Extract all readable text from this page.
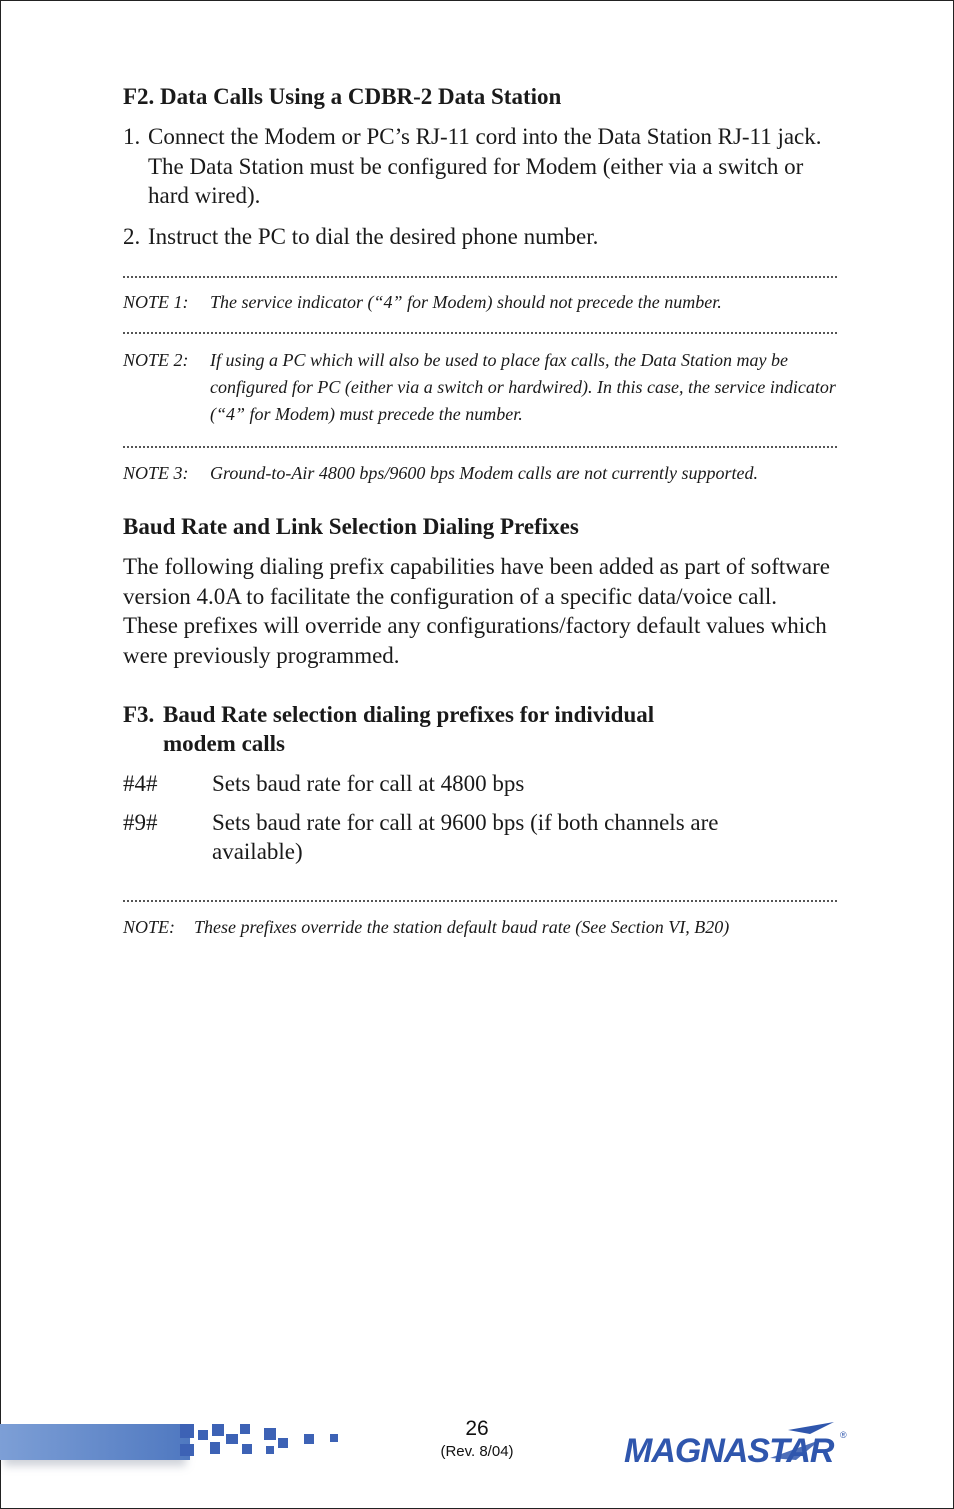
F2. Data Calls Using a CDBR-2 Data Station
1. Connect the Modem or PC’s RJ-11 cord into the Data Station RJ-11 jack. The Data Station must be configured for Modem (either via a switch or hard wired).
2. Instruct the PC to dial the desired phone number.
NOTE 1:	The service indicator (“4” for Modem) should not precede the number.
NOTE 2:	If using a PC which will also be used to place fax calls, the Data Station may be configured for PC (either via a switch or hardwired). In this case, the service indicator (“4” for Modem) must precede the number.
NOTE 3:	Ground-to-Air 4800 bps/9600 bps Modem calls are not currently supported.
Baud Rate and Link Selection Dialing Prefixes

The following dialing prefix capabilities have been added as part of software version 4.0A to facilitate the configuration of a specific data/voice call. These prefixes will override any configurations/factory default values which were previously programmed.

F3. Baud Rate selection dialing prefixes for individual modem calls
#4#	Sets baud rate for call at 4800 bps
#9#	Sets baud rate for call at 9600 bps (if both channels are available)
NOTE:	These prefixes override the station default baud rate (See Section VI, B20)
26
(Rev. 8/04)	MAGNASTAR ®
